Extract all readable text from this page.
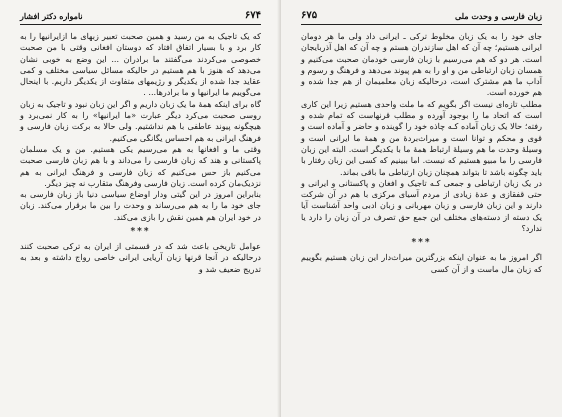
۶۷۴
نامواره دکتر افشار

که یک تاجیک به من رسید و همین صحبت تعبیر زبهای ما ازایرانیها را به کار برد و با بسیار اتفاق افتاد که دوستان افغانی وقتی با من صحبت خصوصی می‌کردند می‌گفتند ما برادران ... این وضع به خوبی نشان می‌دهد که هنوز با هم هستیم در حالیکه مسائل سیاسی مختلف و کمی عقاید جدا شده از یکدیگر و رژیمهای متفاوت از یکدیگر داریم. با اینحال می‌گوییم ما ایرانیها و ما برادرها... .

گاه برای اینکه همهٔ ما یک زبان داریم و اگر این زبان نبود و تاجیک به زبان روسی صحبت می‌کرد دیگر عبارت «ما ایرانیها» را به کار نمی‌برد و هیچگونه پیوند عاطفی با هم نداشتیم. ولی حالا به برکت زبان فارسی و فرهنگ ایرانی به هم احساس یگانگی می‌کنیم.

وقتی ما و افغانها به هم می‌رسیم یکی هستیم. من و یک مسلمان پاکستانی و هند که زبان فارسی را می‌داند و با هم زبان فارسی صحبت می‌کنیم باز حس می‌کنیم که زبان فارسی و فرهنگ ایرانی به هم نزدیک‌مان کرده است. زبان فارسی وفرهنگ متقارب نه چیز دیگر.

بنابراین امروز در این گیتی ودار اوضاع سیاسی دنیا باز زبان فارسی به جای خود ما را به هم می‌رساند و وحدت را بین ما برقرار می‌کند. زبان در خود ایران هم همین نقش را بازی می‌کند.

***

عوامل تاریخی باعث شد که در قسمتی از ایران به ترکی صحبت کنند درحالیکه در آنجا قرنها زبان آریایی ایرانی خاصی رواج داشته و بعد به تدریج ضعیف شد و

۶۷۵	زبان فارسی و وحدت ملی

جای خود را به یک زبان مخلوط ترکی ـ ایرانی داد ولی ما هر دومان ایرانی هستیم؛ چه آن که اهل سازندران هستم و چه آن که اهل آذربایجان است. هر دو که هم می‌رسیم با زبان فارسی خودمان صحبت می‌کنیم و همسان زبان ارتباطی من و او را به هم پیوند می‌دهد و فرهنگ و رسوم و آداب ما هم مشترک است، درحالیکه زبان معلمیمان از هم جدا شده و هم خورده است.

مطلب تازه‌ای نیست اگر بگویم که ما ملت واحدی هستیم زیرا این کاری است که اتحاد ما را بوجود آورده و مطلب قرنهاست که تمام شده و رفته؛ حالا یک زبان آماده کـه چاذه خود را گوینده و حاضر و آماده است و قوی و محکم و توانا است و میراث‌بردهٔ من و همهٔ ما ایرانی است و وسیلهٔ وحدت ما هم وسیلهٔ ارتباط همهٔ ما با یکدیگر است. البته این زبان فارسی را ما مبیو هستیم که نیست. اما ببینیم که کسی این زبان رفتار با باید چگونه باشد تا بتواند همچنان زبان ارتباطی ما باقی بماند.

در یک زبان ارتباطی و جمعی کـه تاجیک و افغان و پاکستانی و ایرانی و حتی قفقازی و عدهٔ زیادی از مردم آسیای مرکزی با هم در آن شرکت دارند و این زبان فارسی و زبان مهربانی و زبان ادبی واحد آشناست آیا یک دسته از دسته‌های مختلف این جمع حق تصرف در آن زبان را دارد یا ندارد؟

***

اگر امروز ما به عنوان اینکه بزرگترین میراث‌دار این زبان هستیم بگوییم که زبان مال ماست و از آن کسی
